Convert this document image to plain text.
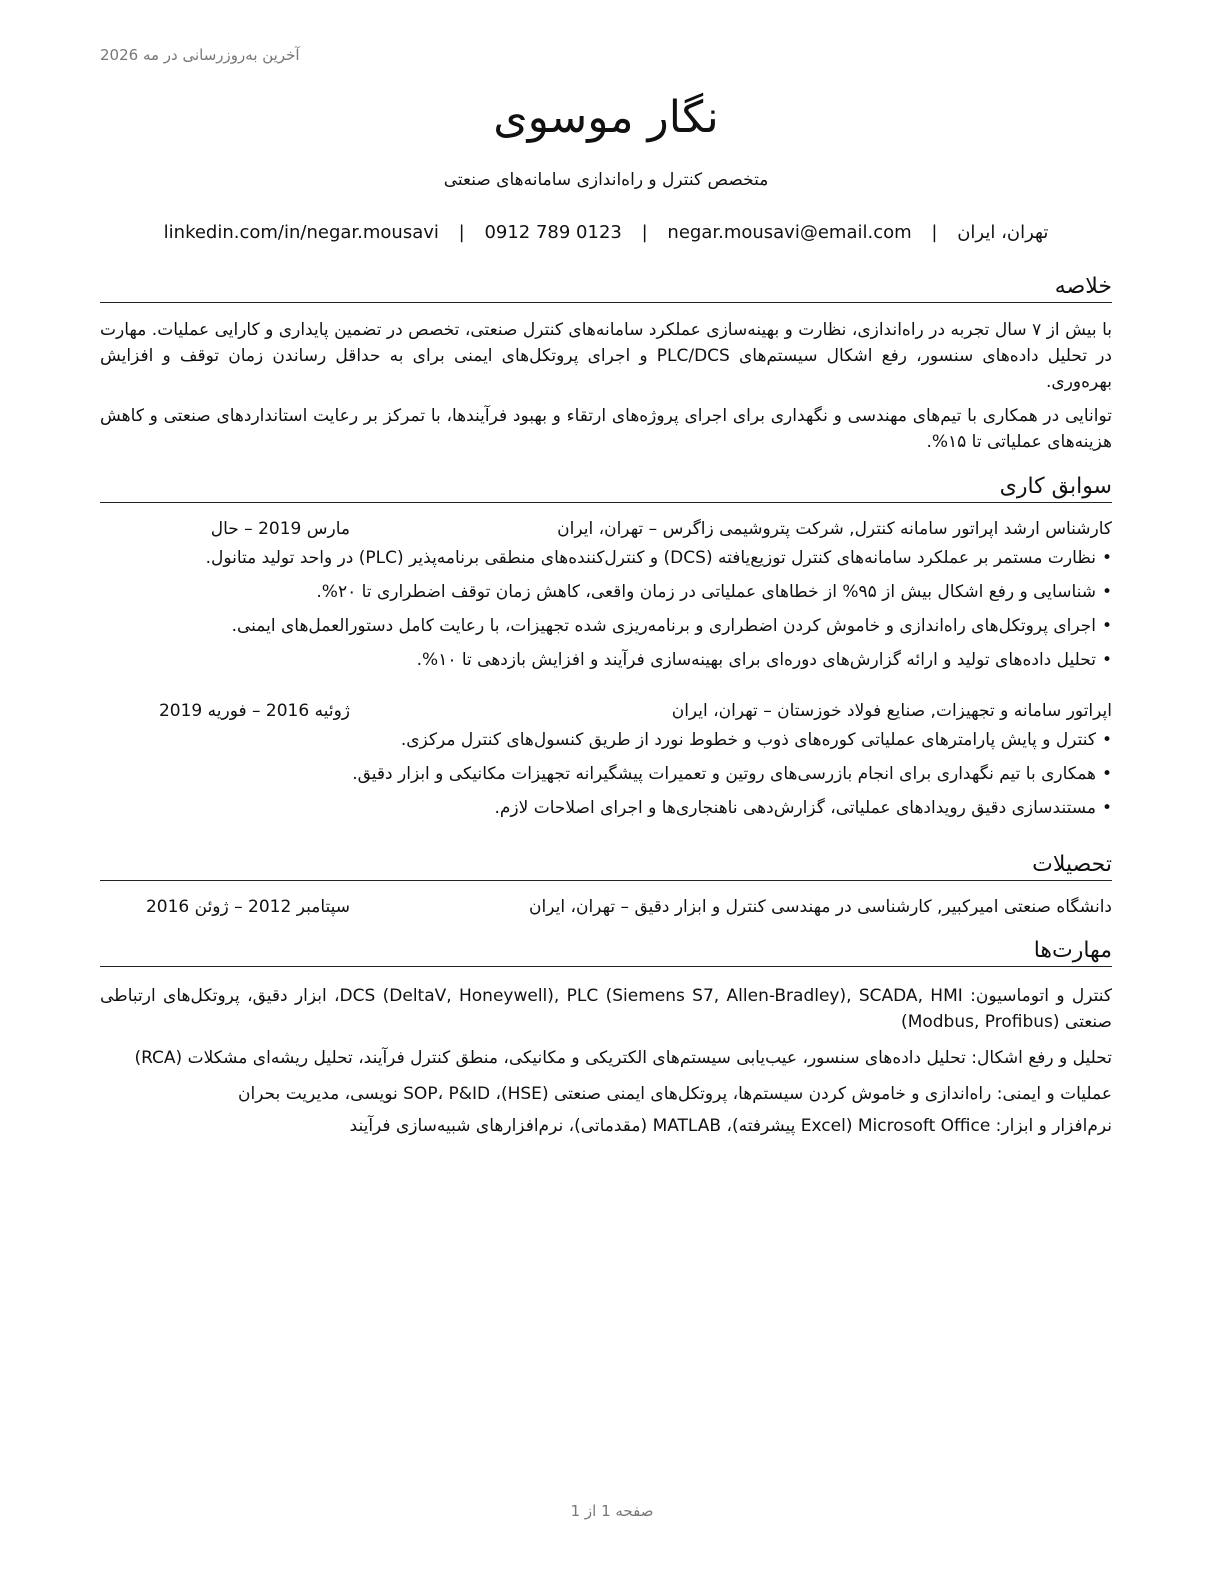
آخرین به‌روزرسانی در مه 2026
نگار موسوی
متخصص کنترل و راه‌اندازی سامانه‌های صنعتی
تهران، ایران | negar.mousavi@email.com | 0912 789 0123 | linkedin.com/in/negar.mousavi
خلاصه

با بیش از ۷ سال تجربه در راه‌اندازی، نظارت و بهینه‌سازی عملکرد سامانه‌های کنترل صنعتی، تخصص در تضمین پایداری و کارایی عملیات. مهارت در تحلیل داده‌های سنسور، رفع اشکال سیستم‌های PLC/DCS و اجرای پروتکل‌های ایمنی برای به حداقل رساندن زمان توقف و افزایش بهره‌وری.

توانایی در همکاری با تیم‌های مهندسی و نگهداری برای اجرای پروژه‌های ارتقاء و بهبود فرآیندها، با تمرکز بر رعایت استانداردهای صنعتی و کاهش هزینه‌های عملیاتی تا ۱۵%.

سوابق کاری
کارشناس ارشد اپراتور سامانه کنترل, شرکت پتروشیمی زاگرس – تهران، ایران
مارس 2019 – حال
• نظارت مستمر بر عملکرد سامانه‌های کنترل توزیع‌یافته (DCS) و کنترل‌کننده‌های منطقی برنامه‌پذیر (PLC) در واحد تولید متانول.
• شناسایی و رفع اشکال بیش از ۹۵% از خطاهای عملیاتی در زمان واقعی، کاهش زمان توقف اضطراری تا ۲۰%.
• اجرای پروتکل‌های راه‌اندازی و خاموش کردن اضطراری و برنامه‌ریزی شده تجهیزات، با رعایت کامل دستورالعمل‌های ایمنی.
• تحلیل داده‌های تولید و ارائه گزارش‌های دوره‌ای برای بهینه‌سازی فرآیند و افزایش بازدهی تا ۱۰%.
اپراتور سامانه و تجهیزات, صنایع فولاد خوزستان – تهران، ایران
ژوئیه 2016 – فوریه 2019
• کنترل و پایش پارامترهای عملیاتی کوره‌های ذوب و خطوط نورد از طریق کنسول‌های کنترل مرکزی.
• همکاری با تیم نگهداری برای انجام بازرسی‌های روتین و تعمیرات پیشگیرانه تجهیزات مکانیکی و ابزار دقیق.
• مستندسازی دقیق رویدادهای عملیاتی، گزارش‌دهی ناهنجاری‌ها و اجرای اصلاحات لازم.
تحصیلات
دانشگاه صنعتی امیرکبیر, کارشناسی در مهندسی کنترل و ابزار دقیق – تهران، ایران
سپتامبر 2012 – ژوئن 2016
مهارت‌ها

کنترل و اتوماسیون: DCS (DeltaV, Honeywell), PLC (Siemens S7, Allen-Bradley), SCADA, HMI، ابزار دقیق، پروتکل‌های ارتباطی صنعتی (Modbus, Profibus)

تحلیل و رفع اشکال: تحلیل داده‌های سنسور، عیب‌یابی سیستم‌های الکتریکی و مکانیکی، منطق کنترل فرآیند، تحلیل ریشه‌ای مشکلات (RCA)

عملیات و ایمنی: راه‌اندازی و خاموش کردن سیستم‌ها، پروتکل‌های ایمنی صنعتی (HSE)، SOP، P&ID نویسی، مدیریت بحران

نرم‌افزار و ابزار: Microsoft Office (Excel پیشرفته)، MATLAB (مقدماتی)، نرم‌افزارهای شبیه‌سازی فرآیند

صفحه 1 از 1
